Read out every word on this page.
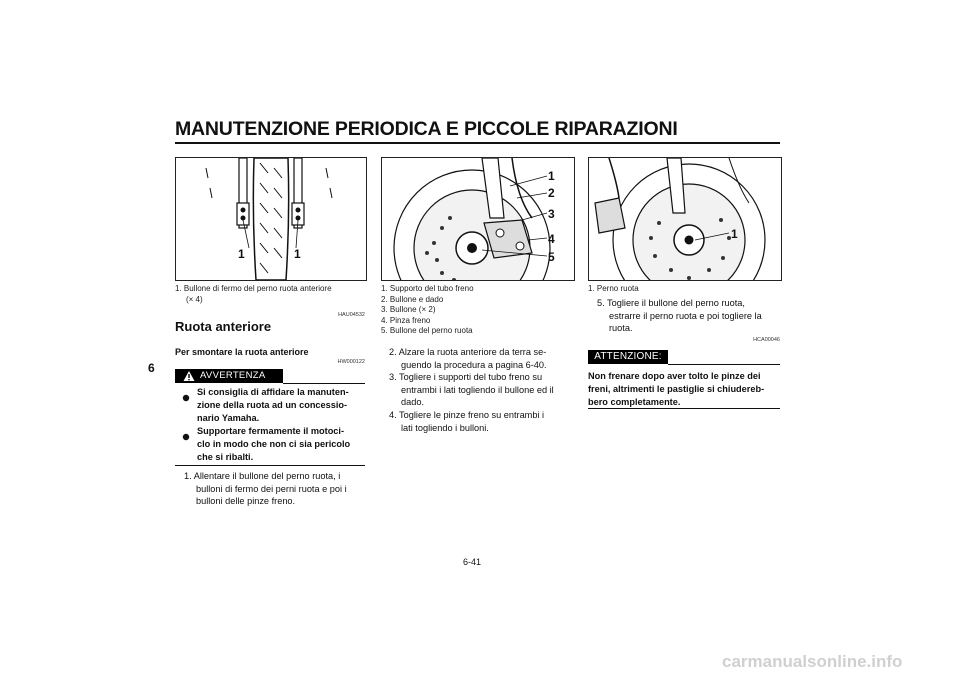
MANUTENZIONE PERIODICA E PICCOLE RIPARAZIONI
6
1	1
1. Bullone di fermo del perno ruota anteriore
(× 4)
1
2
3
4
5
1. Supporto del tubo freno
2. Bullone e dado
3. Bullone (× 2)
4. Pinza freno
5. Bullone del perno ruota
1
1. Perno ruota
HAU04532
Ruota anteriore
Per smontare la ruota anteriore
HW000122
AVVERTENZA
Si consiglia di affidare la manuten-
zione della ruota ad un concessio-
nario Yamaha.
Supportare fermamente il motoci-
clo in modo che non ci sia pericolo
che si ribalti.
1. Allentare il bullone del perno ruota, i
bulloni di fermo dei perni ruota e poi i
bulloni delle pinze freno.
2. Alzare la ruota anteriore da terra se-
guendo la procedura a pagina 6-40.
3. Togliere i supporti del tubo freno su
entrambi i lati togliendo il bullone ed il
dado.
4. Togliere le pinze freno su entrambi i
lati togliendo i bulloni.
5. Togliere il bullone del perno ruota,
estrarre il perno ruota e poi togliere la
ruota.
HCA00046
ATTENZIONE:
Non frenare dopo aver tolto le pinze dei
freni, altrimenti le pastiglie si chiudereb-
bero completamente.
6-41
carmanualsonline.info
